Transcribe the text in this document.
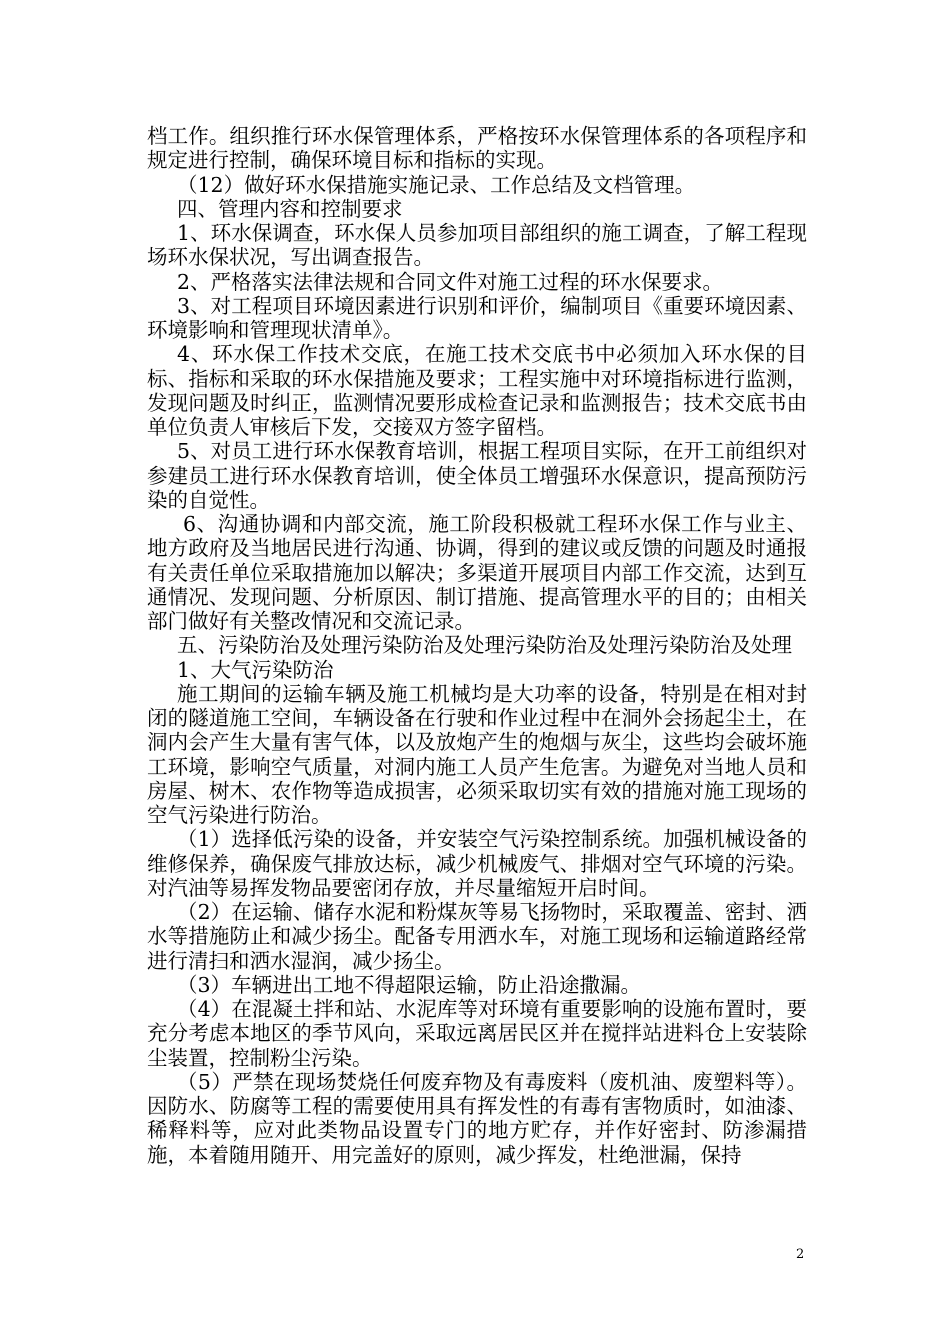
档工作。组织推行环水保管理体系，严格按环水保管理体系的各项程序和规定进行控制，确保环境目标和指标的实现。

（12）做好环水保措施实施记录、工作总结及文档管理。

四、管理内容和控制要求

1、环水保调查，环水保人员参加项目部组织的施工调查，了解工程现场环水保状况，写出调查报告。

2、严格落实法律法规和合同文件对施工过程的环水保要求。

3、对工程项目环境因素进行识别和评价，编制项目《重要环境因素、环境影响和管理现状清单》。

4、环水保工作技术交底，在施工技术交底书中必须加入环水保的目标、指标和采取的环水保措施及要求；工程实施中对环境指标进行监测，发现问题及时纠正，监测情况要形成检查记录和监测报告；技术交底书由单位负责人审核后下发，交接双方签字留档。

5、对员工进行环水保教育培训，根据工程项目实际，在开工前组织对参建员工进行环水保教育培训，使全体员工增强环水保意识，提高预防污染的自觉性。

6、沟通协调和内部交流，施工阶段积极就工程环水保工作与业主、地方政府及当地居民进行沟通、协调，得到的建议或反馈的问题及时通报有关责任单位采取措施加以解决；多渠道开展项目内部工作交流，达到互通情况、发现问题、分析原因、制订措施、提高管理水平的目的；由相关部门做好有关整改情况和交流记录。

五、污染防治及处理污染防治及处理污染防治及处理污染防治及处理

1、大气污染防治

施工期间的运输车辆及施工机械均是大功率的设备，特别是在相对封闭的隧道施工空间，车辆设备在行驶和作业过程中在洞外会扬起尘土，在洞内会产生大量有害气体，以及放炮产生的炮烟与灰尘，这些均会破坏施工环境，影响空气质量，对洞内施工人员产生危害。为避免对当地人员和房屋、树木、农作物等造成损害，必须采取切实有效的措施对施工现场的空气污染进行防治。

（1）选择低污染的设备，并安装空气污染控制系统。加强机械设备的维修保养，确保废气排放达标，减少机械废气、排烟对空气环境的污染。对汽油等易挥发物品要密闭存放，并尽量缩短开启时间。

（2）在运输、储存水泥和粉煤灰等易飞扬物时，采取覆盖、密封、洒水等措施防止和减少扬尘。配备专用洒水车，对施工现场和运输道路经常进行清扫和洒水湿润，减少扬尘。

（3）车辆进出工地不得超限运输，防止沿途撒漏。

（4）在混凝土拌和站、水泥库等对环境有重要影响的设施布置时，要充分考虑本地区的季节风向，采取远离居民区并在搅拌站进料仓上安装除尘装置，控制粉尘污染。

（5）严禁在现场焚烧任何废弃物及有毒废料（废机油、废塑料等）。因防水、防腐等工程的需要使用具有挥发性的有毒有害物质时，如油漆、稀释料等，应对此类物品设置专门的地方贮存，并作好密封、防渗漏措施，本着随用随开、用完盖好的原则，减少挥发，杜绝泄漏，保持

2
